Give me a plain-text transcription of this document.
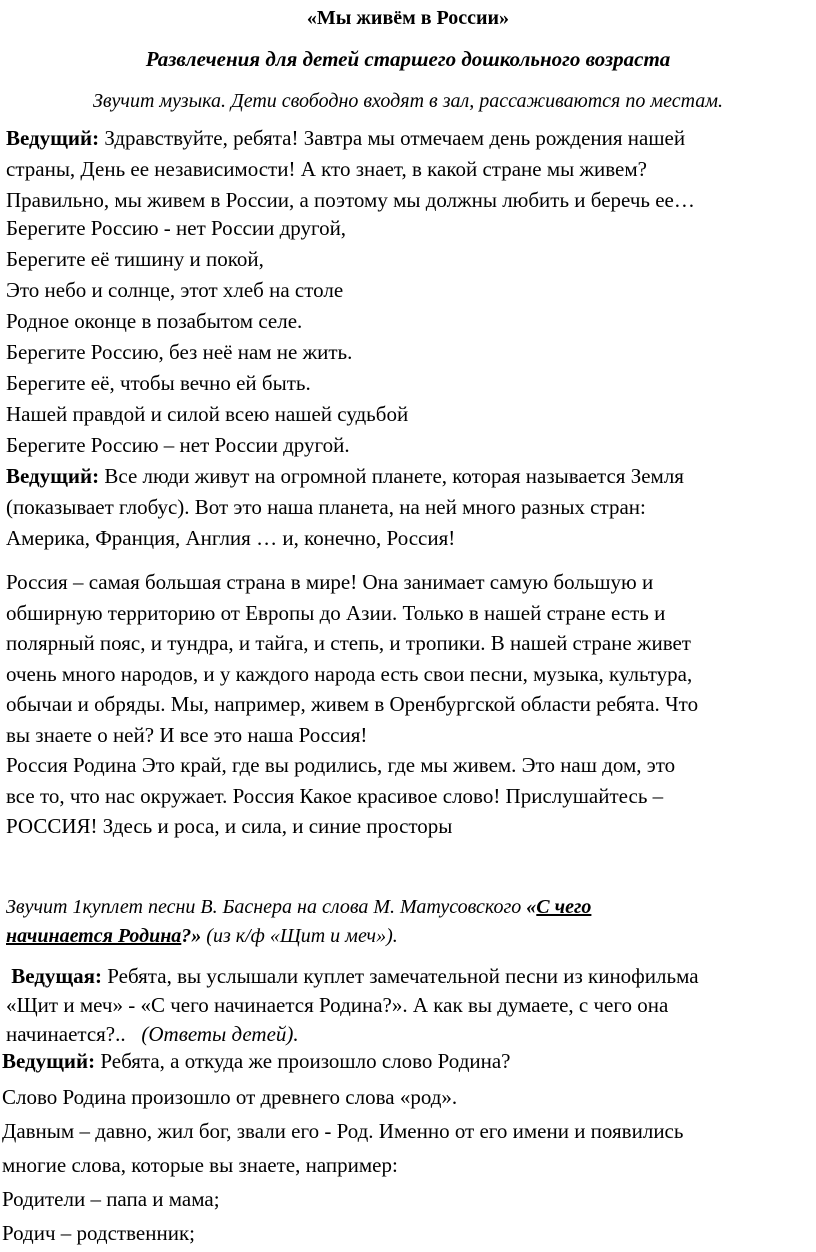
«Мы живём в России»
Развлечения для детей старшего дошкольного возраста
Звучит музыка. Дети свободно входят в зал, рассаживаются по местам.
Ведущий: Здравствуйте, ребята! Завтра мы отмечаем день рождения нашей
страны, День ее независимости! А кто знает, в какой стране мы живем?
Правильно, мы живем в России, а поэтому мы должны любить и беречь ее…
Берегите Россию - нет России другой,
Берегите её тишину и покой,
Это небо и солнце, этот хлеб на столе
Родное оконце в позабытом селе.
Берегите Россию, без неё нам не жить.
Берегите её, чтобы вечно ей быть.
Нашей правдой и силой всею нашей судьбой
Берегите Россию – нет России другой.
Ведущий: Все люди живут на огромной планете, которая называется Земля
(показывает глобус). Вот это наша планета, на ней много разных стран:
Америка, Франция, Англия … и, конечно, Россия!
Россия – самая большая страна в мире! Она занимает самую большую и
обширную территорию от Европы до Азии. Только в нашей стране есть и
полярный пояс, и тундра, и тайга, и степь, и тропики. В нашей стране живет
очень много народов, и у каждого народа есть свои песни, музыка, культура,
обычаи и обряды. Мы, например, живем в Оренбургской области ребята. Что
вы знаете о ней? И все это наша Россия!
Россия Родина Это край, где вы родились, где мы живем. Это наш дом, это
все то, что нас окружает. Россия Какое красивое слово! Прислушайтесь –
РОССИЯ! Здесь и роса, и сила, и синие просторы
Звучит 1куплет песни В. Баснера на слова М. Матусовского «С чего
начинается Родина?» (из к/ф «Щит и меч»).
Ведущая: Ребята, вы услышали куплет замечательной песни из кинофильма
«Щит и меч» - «С чего начинается Родина?». А как вы думаете, с чего она
начинается?..   (Ответы детей).
Ведущий: Ребята, а откуда же произошло слово Родина?
Слово Родина произошло от древнего слова «род».
Давным – давно, жил бог, звали его - Род. Именно от его имени и появились
многие слова, которые вы знаете, например:
Родители – папа и мама;
Родич – родственник;
